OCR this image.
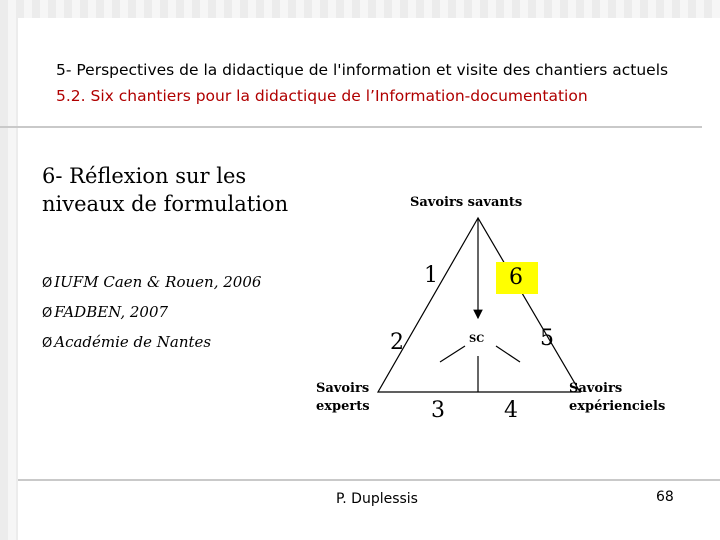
5- Perspectives de la didactique de l'information et visite des chantiers actuels
5.2. Six chantiers pour la didactique de l’Information-documentation
6- Réflexion sur les niveaux de formulation
Ø IUFM Caen & Rouen, 2006
Ø FADBEN, 2007
Ø Académie de Nantes
Savoirs savants
Savoirs experts
Savoirs expérienciels
SC
1	6
2	5
3	4
P. Duplessis	68
